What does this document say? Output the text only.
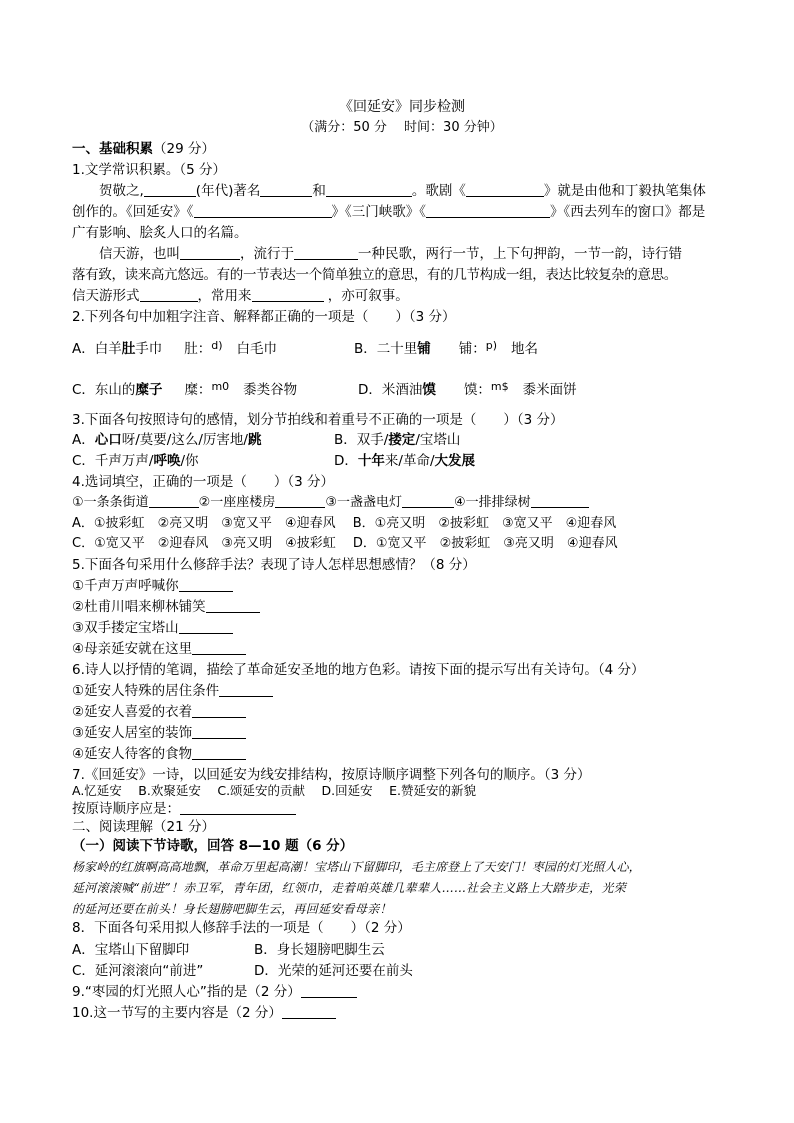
《回延安》同步检测
（满分：50 分　 时间：30 分钟）
一、基础积累（29 分）
1.文学常识积累。（5 分）
贺敬之,	(年代)著名	和	。歌剧《	》就是由他和丁毅执笔集体
创作的。《回延安》《	》《三门峡歌》《	》《西去列车的窗口》都是
广有影响、脍炙人口的名篇。
信天游，也叫	，流行于	一种民歌，两行一节，上下句押韵，一节一韵，诗行错
落有致，读来高亢悠远。有的一节表达一个简单独立的意思，有的几节构成一组，表达比较复杂的意思。
信天游形式	，常用来	，亦可叙事。
2.下列各句中加粗字注音、解释都正确的一项是（　　）（3 分）
A．白羊肚手巾 肚：$^{d)}$ 白毛巾	B．二十里铺 铺：$^{p)}$ 地名
C．东山的糜子 糜：$^{m0}$ 黍类谷物	D．米酒油馍 馍：$^{m\$}$ 黍米面饼
3.下面各句按照诗句的感情，划分节拍线和着重号不正确的一项是（　　）（3 分）
A．心口呀/莫要/这么/厉害地/跳	B．双手/搂定/宝塔山
C．千声万声/呼唤/你	D．十年来/革命/大发展
4.选词填空，正确的一项是（　　）（3 分）
①一条条街道	②一座座楼房	③一盏盏电灯	④一排排绿树
A．①披彩虹　 ②亮又明　 ③宽又平　 ④迎春风　 B．①亮又明　 ②披彩虹　 ③宽又平　 ④迎春风
C．①宽又平　 ②迎春风　 ③亮又明　 ④披彩虹　 D．①宽又平　 ②披彩虹　 ③亮又明　 ④迎春风
5.下面各句采用什么修辞手法？表现了诗人怎样思想感情？（8 分）
①千声万声呼喊你
②杜甫川唱来柳林铺笑
③双手搂定宝塔山
④母亲延安就在这里
6.诗人以抒情的笔调，描绘了革命延安圣地的地方色彩。请按下面的提示写出有关诗句。（4 分）
①延安人特殊的居住条件
②延安人喜爱的衣着
③延安人居室的装饰
④延安人待客的食物
7.《回延安》一诗，以回延安为线安排结构，按原诗顺序调整下列各句的顺序。（3 分）
A.忆延安　 B.欢聚延安　 C.颂延安的贡献　 D.回延安　 E.赞延安的新貌
按原诗顺序应是：
二、阅读理解（21 分）
（一）阅读下节诗歌，回答 8—10 题（6 分）
杨家岭的红旗啊高高地飘，革命万里起高潮！宝塔山下留脚印，毛主席登上了天安门！枣园的灯光照人心，
延河滚滚喊“前进”！赤卫军，青年团，红领巾，走着咱英雄几辈辈人……社会主义路上大踏步走，光荣
的延河还要在前头！身长翅膀吧脚生云，再回延安看母亲！
8．下面各句采用拟人修辞手法的一项是（　　）（2 分）
A．宝塔山下留脚印	B．身长翅膀吧脚生云
C．延河滚滚向“前进”	D．光荣的延河还要在前头
9.“枣园的灯光照人心”指的是（2 分）
10.这一节写的主要内容是（2 分）
